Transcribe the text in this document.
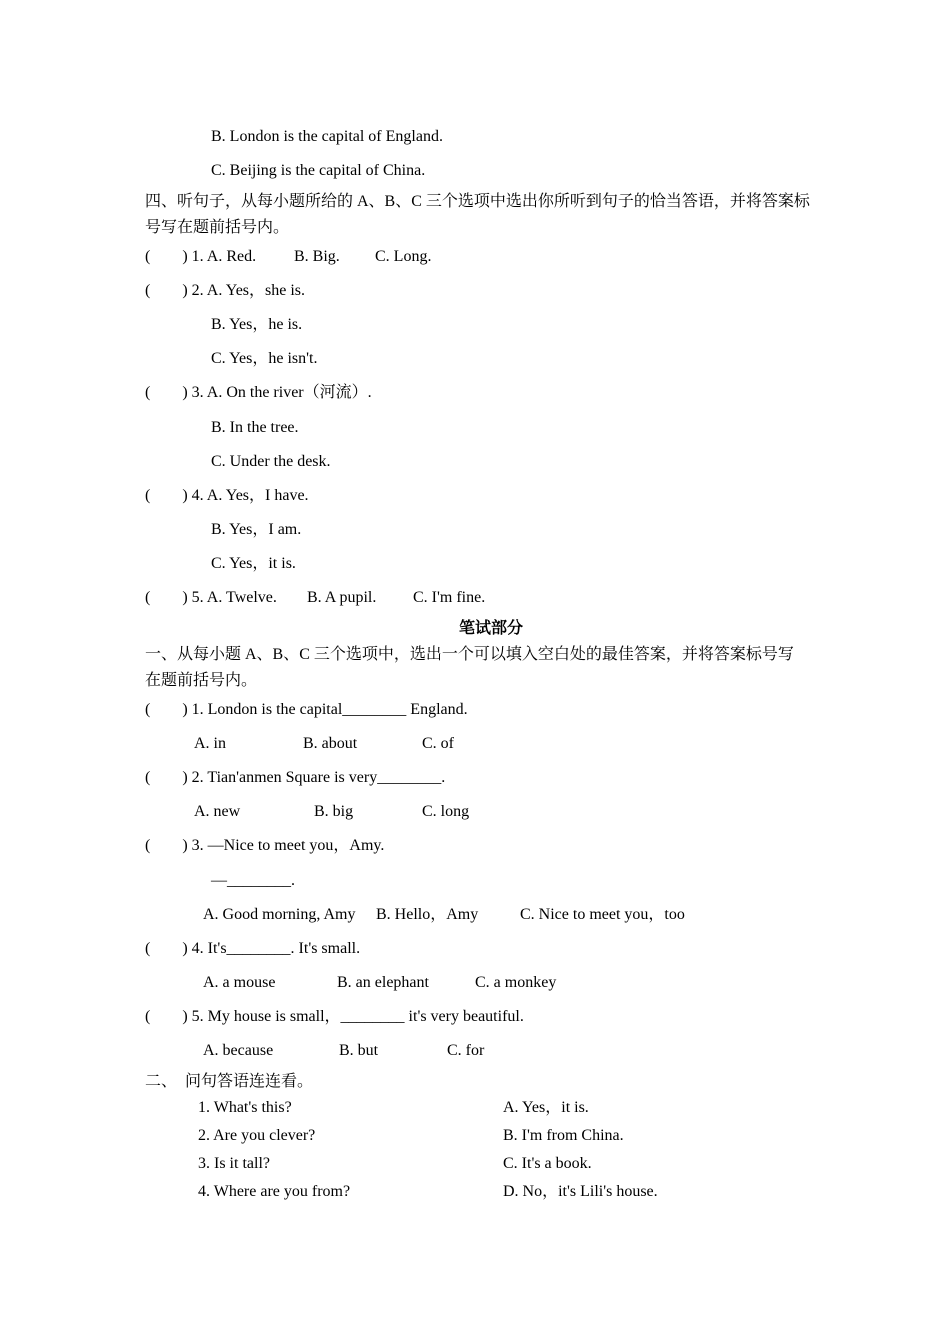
B. London is the capital of England.
C. Beijing is the capital of China.
四、听句子，从每小题所给的 A、B、C 三个选项中选出你所听到句子的恰当答语，并将答案标
号写在题前括号内。
(        ) 1. A. Red. B. Big. C. Long.
(        ) 2. A. Yes，she is.
B. Yes，he is.
C. Yes，he isn't.
(        ) 3. A. On the river（河流）.
B. In the tree.
C. Under the desk.
(        ) 4. A. Yes，I have.
B. Yes，I am.
C. Yes，it is.
(        ) 5. A. Twelve. B. A pupil. C. I'm fine.
笔试部分
一、从每小题 A、B、C 三个选项中，选出一个可以填入空白处的最佳答案，并将答案标号写
在题前括号内。
(        ) 1. London is the capital________ England.
A. in	B. about	C. of
(        ) 2. Tian'anmen Square is very________.
A. new	B. big	C. long
(        ) 3. —Nice to meet you，Amy.
—________.
A. Good morning, Amy B. Hello，Amy	C. Nice to meet you，too
(        ) 4. It's________. It's small.
A. a mouse	B. an elephant	C. a monkey
(        ) 5. My house is small，________ it's very beautiful.
A. because	B. but	C. for
二、  问句答语连连看。
1. What's this?	A. Yes，it is.
2. Are you clever?	B. I'm from China.
3. Is it tall?	C. It's a book.
4. Where are you from?	D. No，it's Lili's house.
